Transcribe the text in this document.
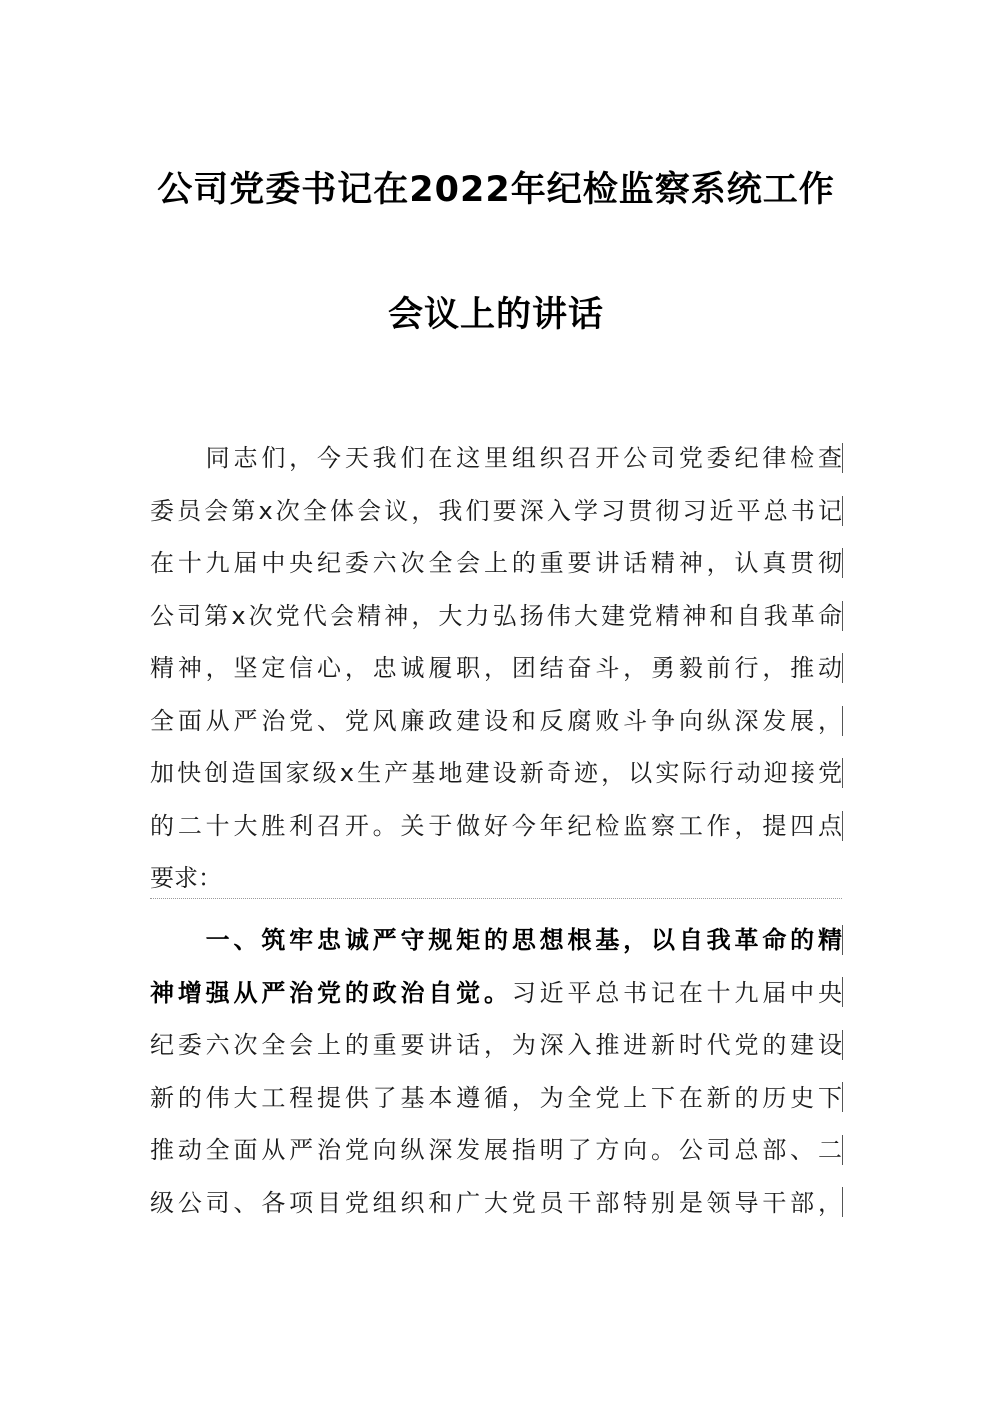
公司党委书记在2022年纪检监察系统工作
会议上的讲话
　　同志们，今天我们在这里组织召开公司党委纪律检查
委员会第x次全体会议，我们要深入学习贯彻习近平总书记
在十九届中央纪委六次全会上的重要讲话精神，认真贯彻
公司第x次党代会精神，大力弘扬伟大建党精神和自我革命
精神，坚定信心，忠诚履职，团结奋斗，勇毅前行，推动
全面从严治党、党风廉政建设和反腐败斗争向纵深发展，
加快创造国家级x生产基地建设新奇迹，以实际行动迎接党
的二十大胜利召开。关于做好今年纪检监察工作，提四点
要求：
　　一、筑牢忠诚严守规矩的思想根基，以自我革命的精
神增强从严治党的政治自觉。习近平总书记在十九届中央
纪委六次全会上的重要讲话，为深入推进新时代党的建设
新的伟大工程提供了基本遵循，为全党上下在新的历史下
推动全面从严治党向纵深发展指明了方向。公司总部、二
级公司、各项目党组织和广大党员干部特别是领导干部，
